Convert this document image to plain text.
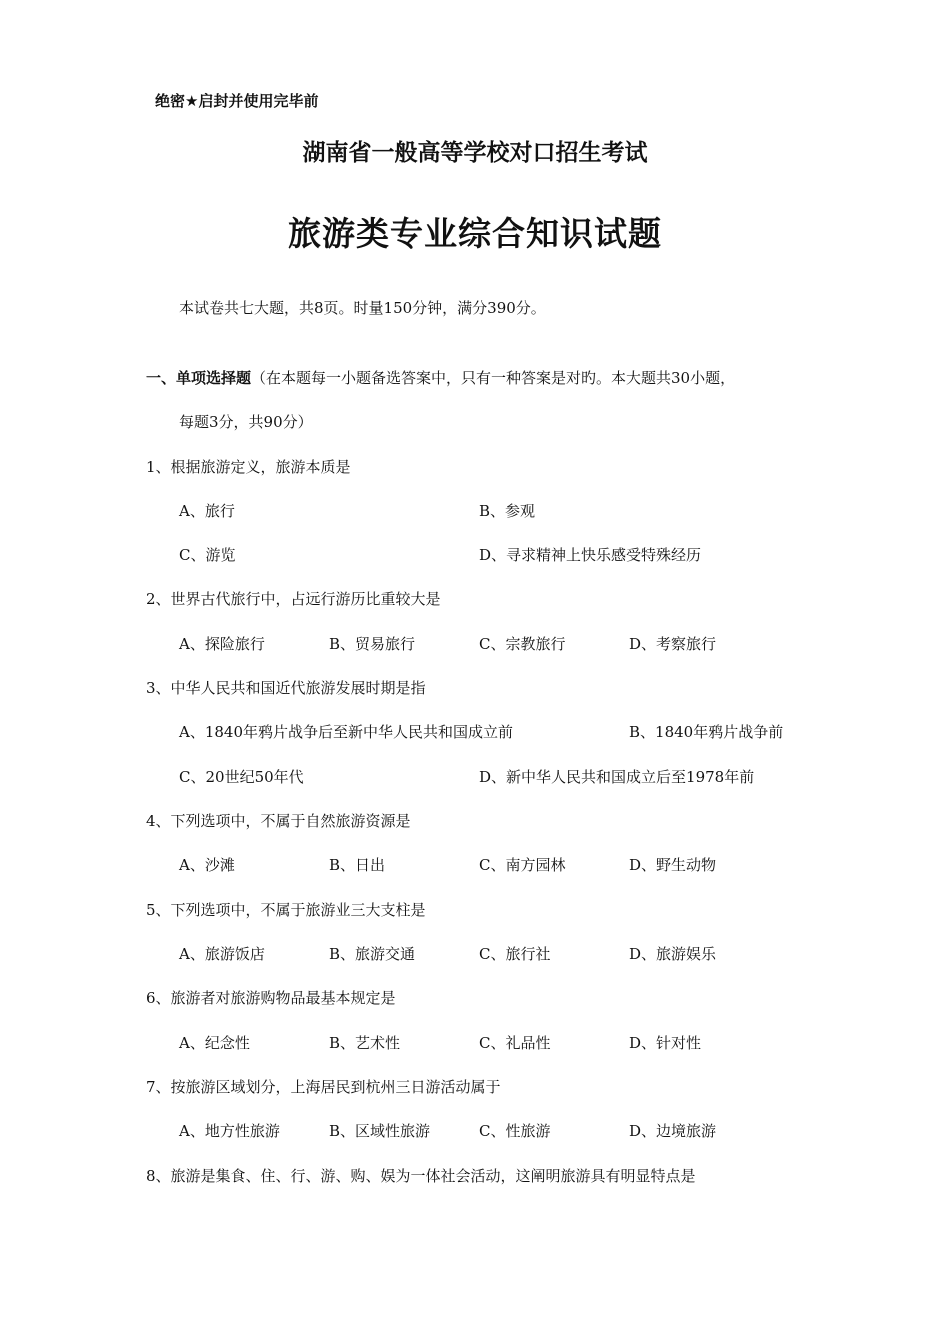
绝密★启封并使用完毕前
湖南省一般高等学校对口招生考试
旅游类专业综合知识试题
本试卷共七大题，共8页。时量150分钟，满分390分。
一、单项选择题（在本题每一小题备选答案中，只有一种答案是对旳。本大题共30小题，
每题3分，共90分）
1、根据旅游定义，旅游本质是
A、旅行	B、参观
C、游览	D、寻求精神上快乐感受特殊经历
2、世界古代旅行中，占远行游历比重较大是
A、探险旅行	B、贸易旅行	C、宗教旅行	D、考察旅行
3、中华人民共和国近代旅游发展时期是指
A、1840年鸦片战争后至新中华人民共和国成立前	B、1840年鸦片战争前
C、20世纪50年代	D、新中华人民共和国成立后至1978年前
4、下列选项中，不属于自然旅游资源是
A、沙滩	B、日出	C、南方园林	D、野生动物
5、下列选项中，不属于旅游业三大支柱是
A、旅游饭店	B、旅游交通	C、旅行社	D、旅游娱乐
6、旅游者对旅游购物品最基本规定是
A、纪念性	B、艺术性	C、礼品性	D、针对性
7、按旅游区域划分，上海居民到杭州三日游活动属于
A、地方性旅游	B、区域性旅游	C、性旅游	D、边境旅游
8、旅游是集食、住、行、游、购、娱为一体社会活动，这阐明旅游具有明显特点是
